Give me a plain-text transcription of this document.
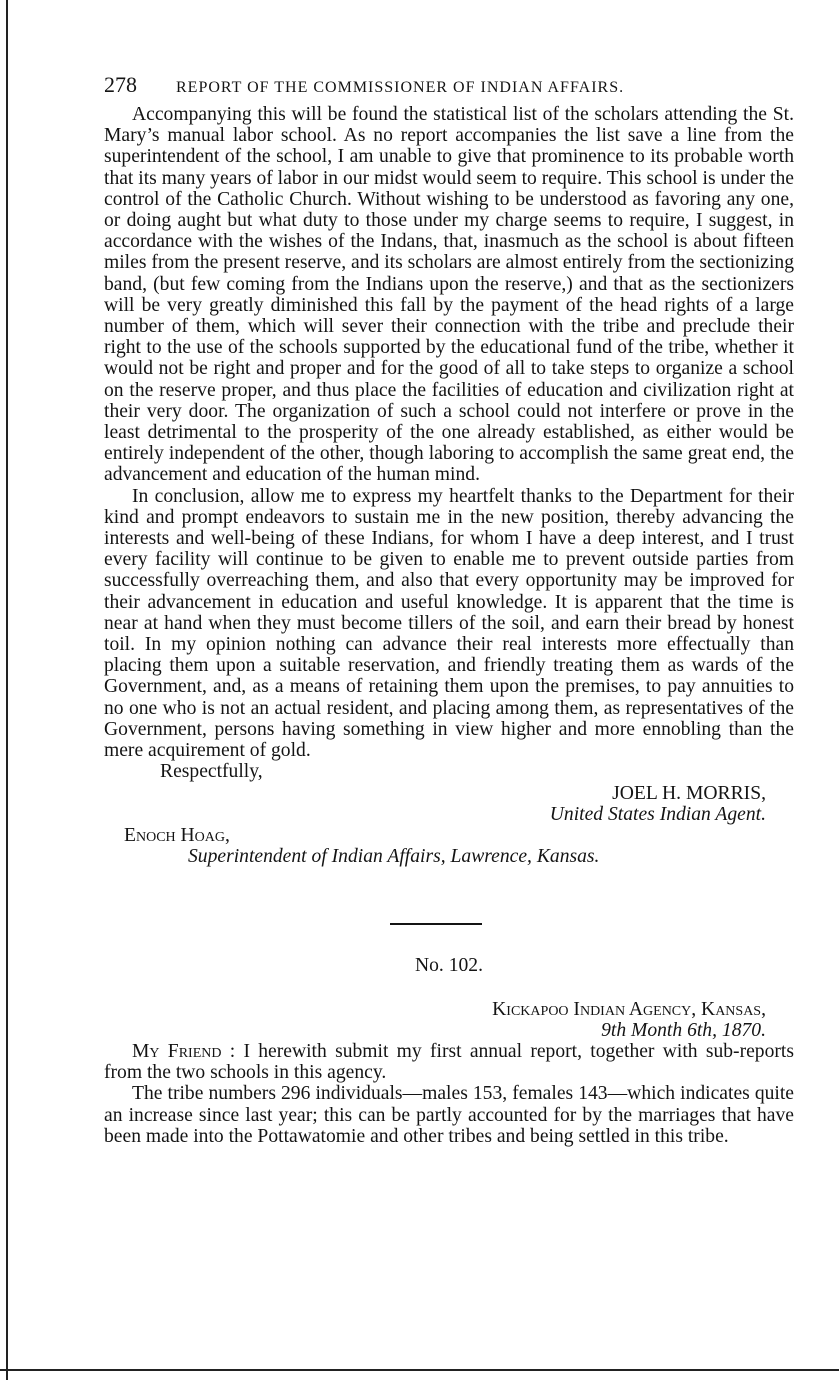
278 REPORT OF THE COMMISSIONER OF INDIAN AFFAIRS.

Accompanying this will be found the statistical list of the scholars attending the St. Mary’s manual labor school. As no report accompanies the list save a line from the superintendent of the school, I am unable to give that prominence to its probable worth that its many years of labor in our midst would seem to require. This school is under the control of the Catholic Church. Without wishing to be understood as favoring any one, or doing aught but what duty to those under my charge seems to require, I suggest, in accordance with the wishes of the Indans, that, inasmuch as the school is about fifteen miles from the present reserve, and its scholars are almost entirely from the sectionizing band, (but few coming from the Indians upon the reserve,) and that as the sectionizers will be very greatly diminished this fall by the payment of the head rights of a large number of them, which will sever their connection with the tribe and preclude their right to the use of the schools supported by the educational fund of the tribe, whether it would not be right and proper and for the good of all to take steps to organize a school on the reserve proper, and thus place the facilities of education and civilization right at their very door. The organization of such a school could not interfere or prove in the least detrimental to the prosperity of the one already established, as either would be entirely independent of the other, though laboring to accomplish the same great end, the advancement and education of the human mind.

In conclusion, allow me to express my heartfelt thanks to the Department for their kind and prompt endeavors to sustain me in the new position, thereby advancing the interests and well-being of these Indians, for whom I have a deep interest, and I trust every facility will continue to be given to enable me to prevent outside parties from successfully overreaching them, and also that every opportunity may be improved for their advancement in education and useful knowledge. It is apparent that the time is near at hand when they must become tillers of the soil, and earn their bread by honest toil. In my opinion nothing can advance their real interests more effectually than placing them upon a suitable reservation, and friendly treating them as wards of the Government, and, as a means of retaining them upon the premises, to pay annuities to no one who is not an actual resident, and placing among them, as representatives of the Government, persons having something in view higher and more ennobling than the mere acquirement of gold.

Respectfully,

JOEL H. MORRIS,

United States Indian Agent.

Enoch Hoag,

Superintendent of Indian Affairs, Lawrence, Kansas.

No. 102.

Kickapoo Indian Agency, Kansas,

9th Month 6th, 1870.

My Friend : I herewith submit my first annual report, together with sub-reports from the two schools in this agency.

The tribe numbers 296 individuals—males 153, females 143—which indicates quite an increase since last year; this can be partly accounted for by the marriages that have been made into the Pottawatomie and other tribes and being settled in this tribe.
